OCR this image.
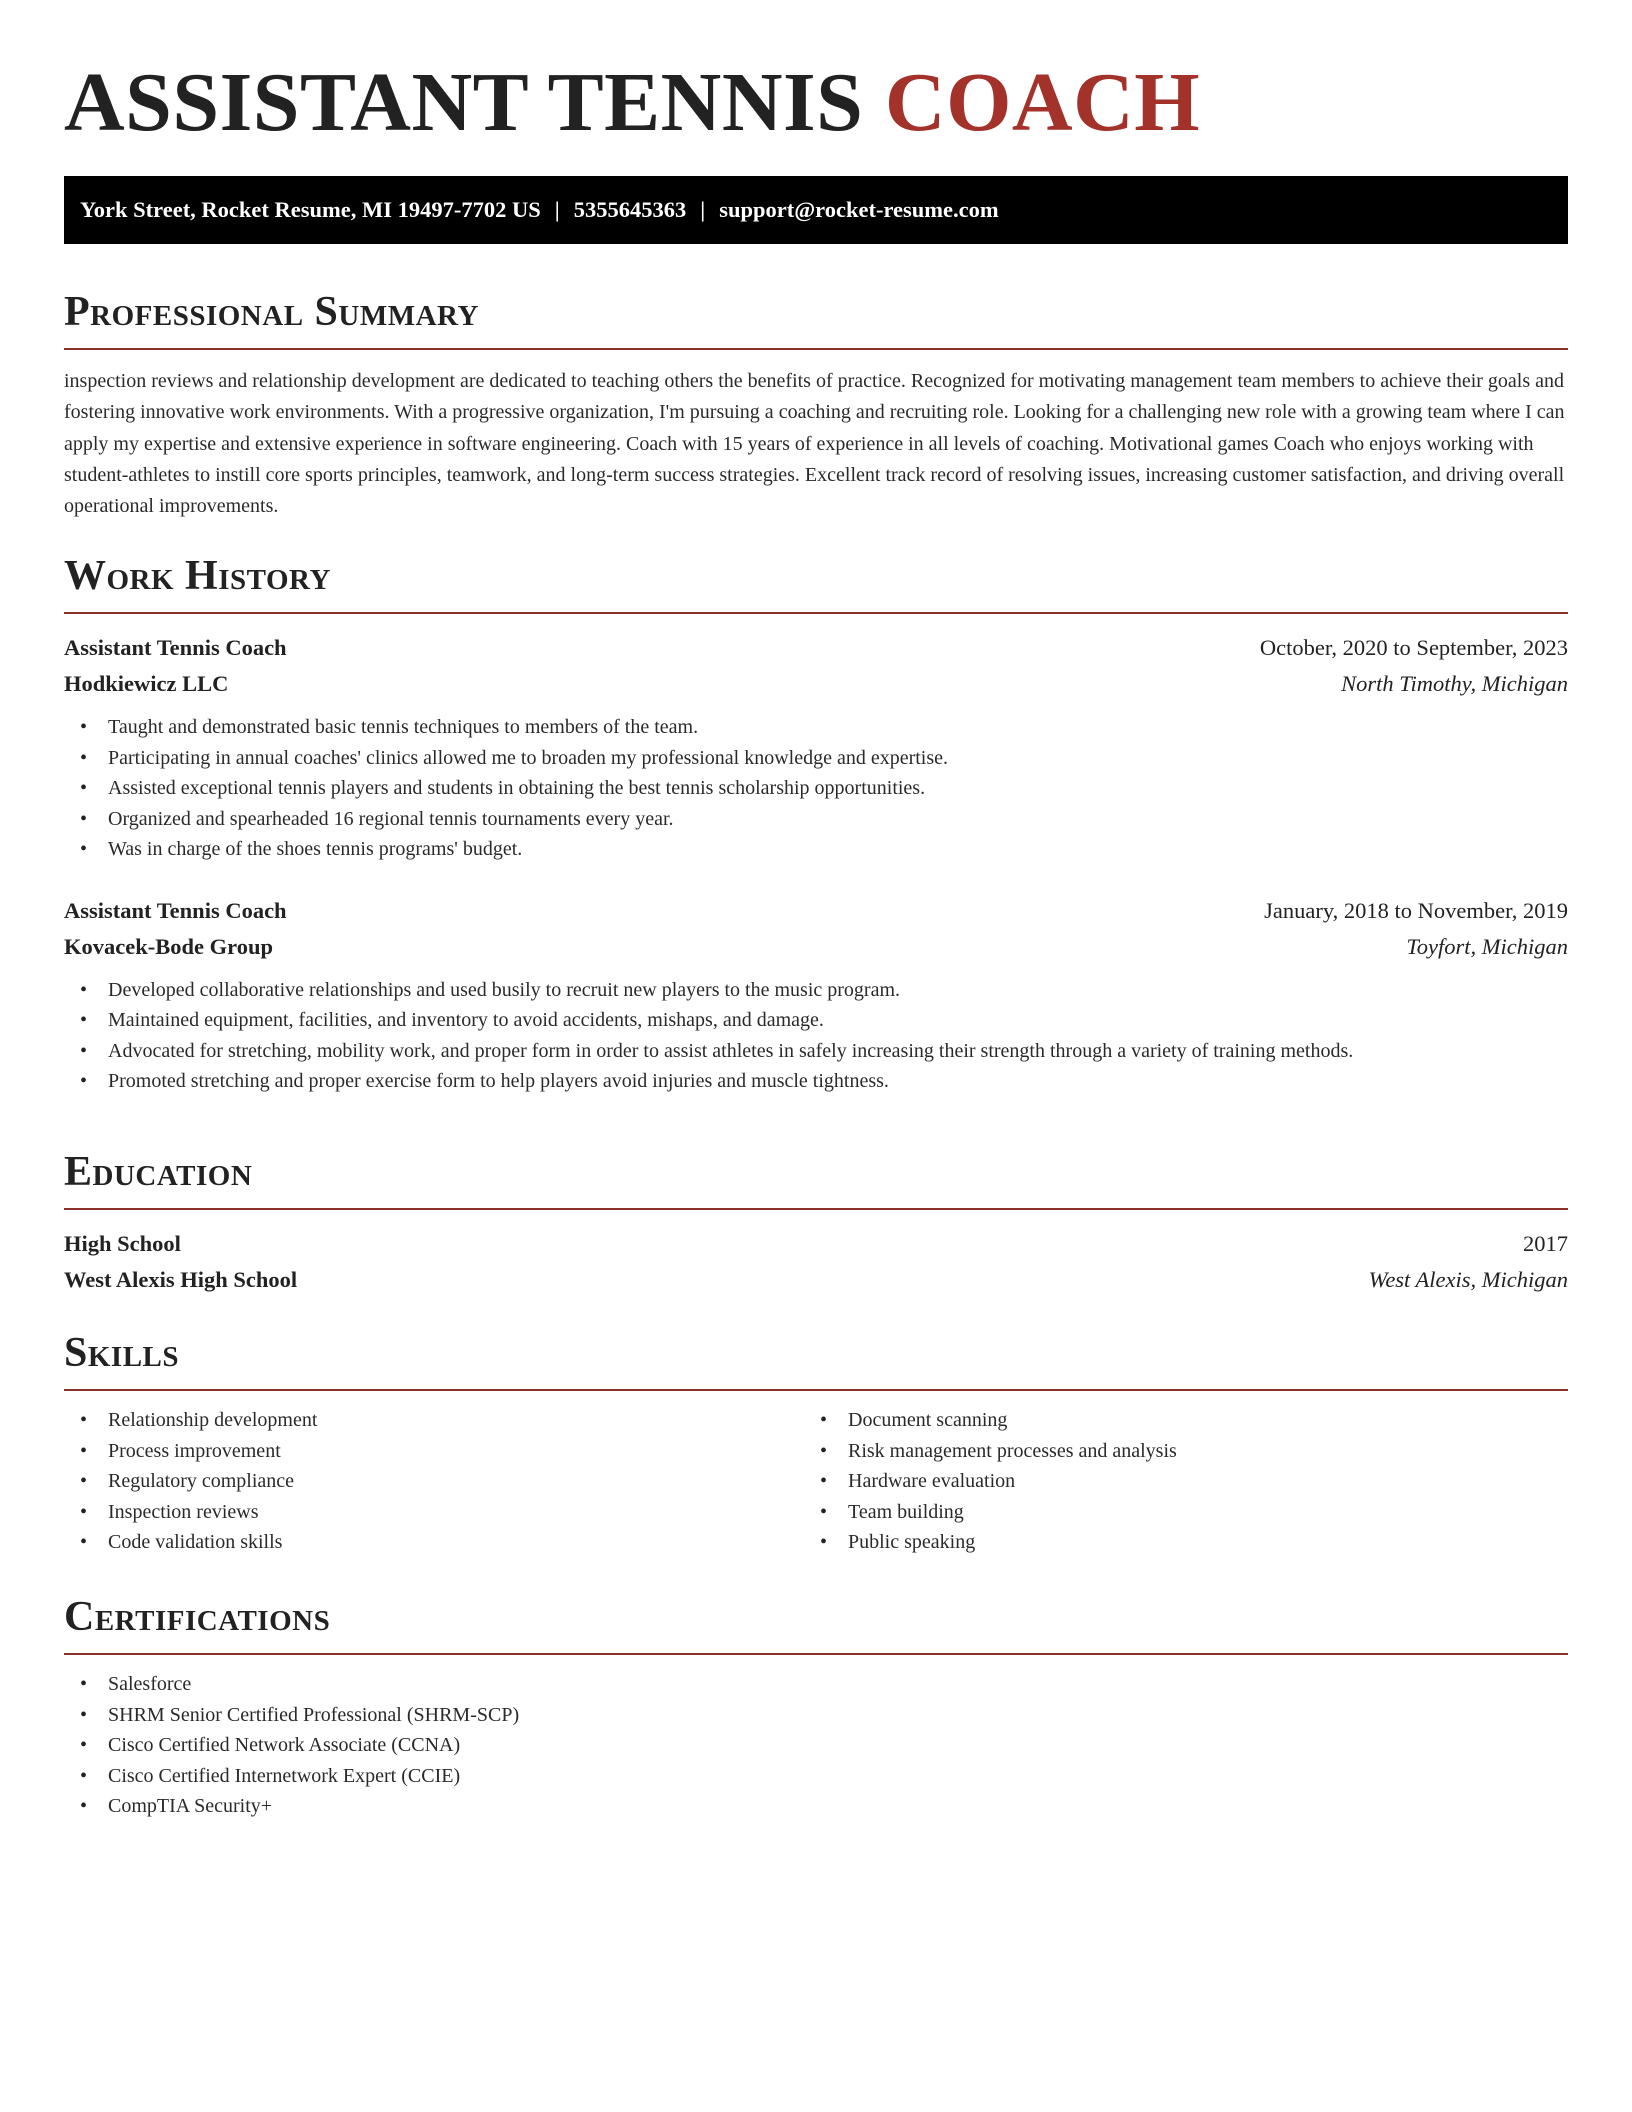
ASSISTANT TENNIS COACH
York Street, Rocket Resume, MI 19497-7702 US | 5355645363 | support@rocket-resume.com
Professional Summary

inspection reviews and relationship development are dedicated to teaching others the benefits of practice. Recognized for motivating management team members to achieve their goals and fostering innovative work environments. With a progressive organization, I'm pursuing a coaching and recruiting role. Looking for a challenging new role with a growing team where I can apply my expertise and extensive experience in software engineering. Coach with 15 years of experience in all levels of coaching. Motivational games Coach who enjoys working with student-athletes to instill core sports principles, teamwork, and long-term success strategies. Excellent track record of resolving issues, increasing customer satisfaction, and driving overall operational improvements.

Work History
Assistant Tennis Coach	October, 2020 to September, 2023
Hodkiewicz LLC	North Timothy, Michigan
• Taught and demonstrated basic tennis techniques to members of the team.
• Participating in annual coaches' clinics allowed me to broaden my professional knowledge and expertise.
• Assisted exceptional tennis players and students in obtaining the best tennis scholarship opportunities.
• Organized and spearheaded 16 regional tennis tournaments every year.
• Was in charge of the shoes tennis programs' budget.
Assistant Tennis Coach	January, 2018 to November, 2019
Kovacek-Bode Group	Toyfort, Michigan
• Developed collaborative relationships and used busily to recruit new players to the music program.
• Maintained equipment, facilities, and inventory to avoid accidents, mishaps, and damage.
• Advocated for stretching, mobility work, and proper form in order to assist athletes in safely increasing their strength through a variety of training methods.
• Promoted stretching and proper exercise form to help players avoid injuries and muscle tightness.
Education
High School	2017
West Alexis High School	West Alexis, Michigan
Skills
• Relationship development
• Process improvement
• Regulatory compliance
• Inspection reviews
• Code validation skills
• Document scanning
• Risk management processes and analysis
• Hardware evaluation
• Team building
• Public speaking
Certifications
• Salesforce
• SHRM Senior Certified Professional (SHRM-SCP)
• Cisco Certified Network Associate (CCNA)
• Cisco Certified Internetwork Expert (CCIE)
• CompTIA Security+
